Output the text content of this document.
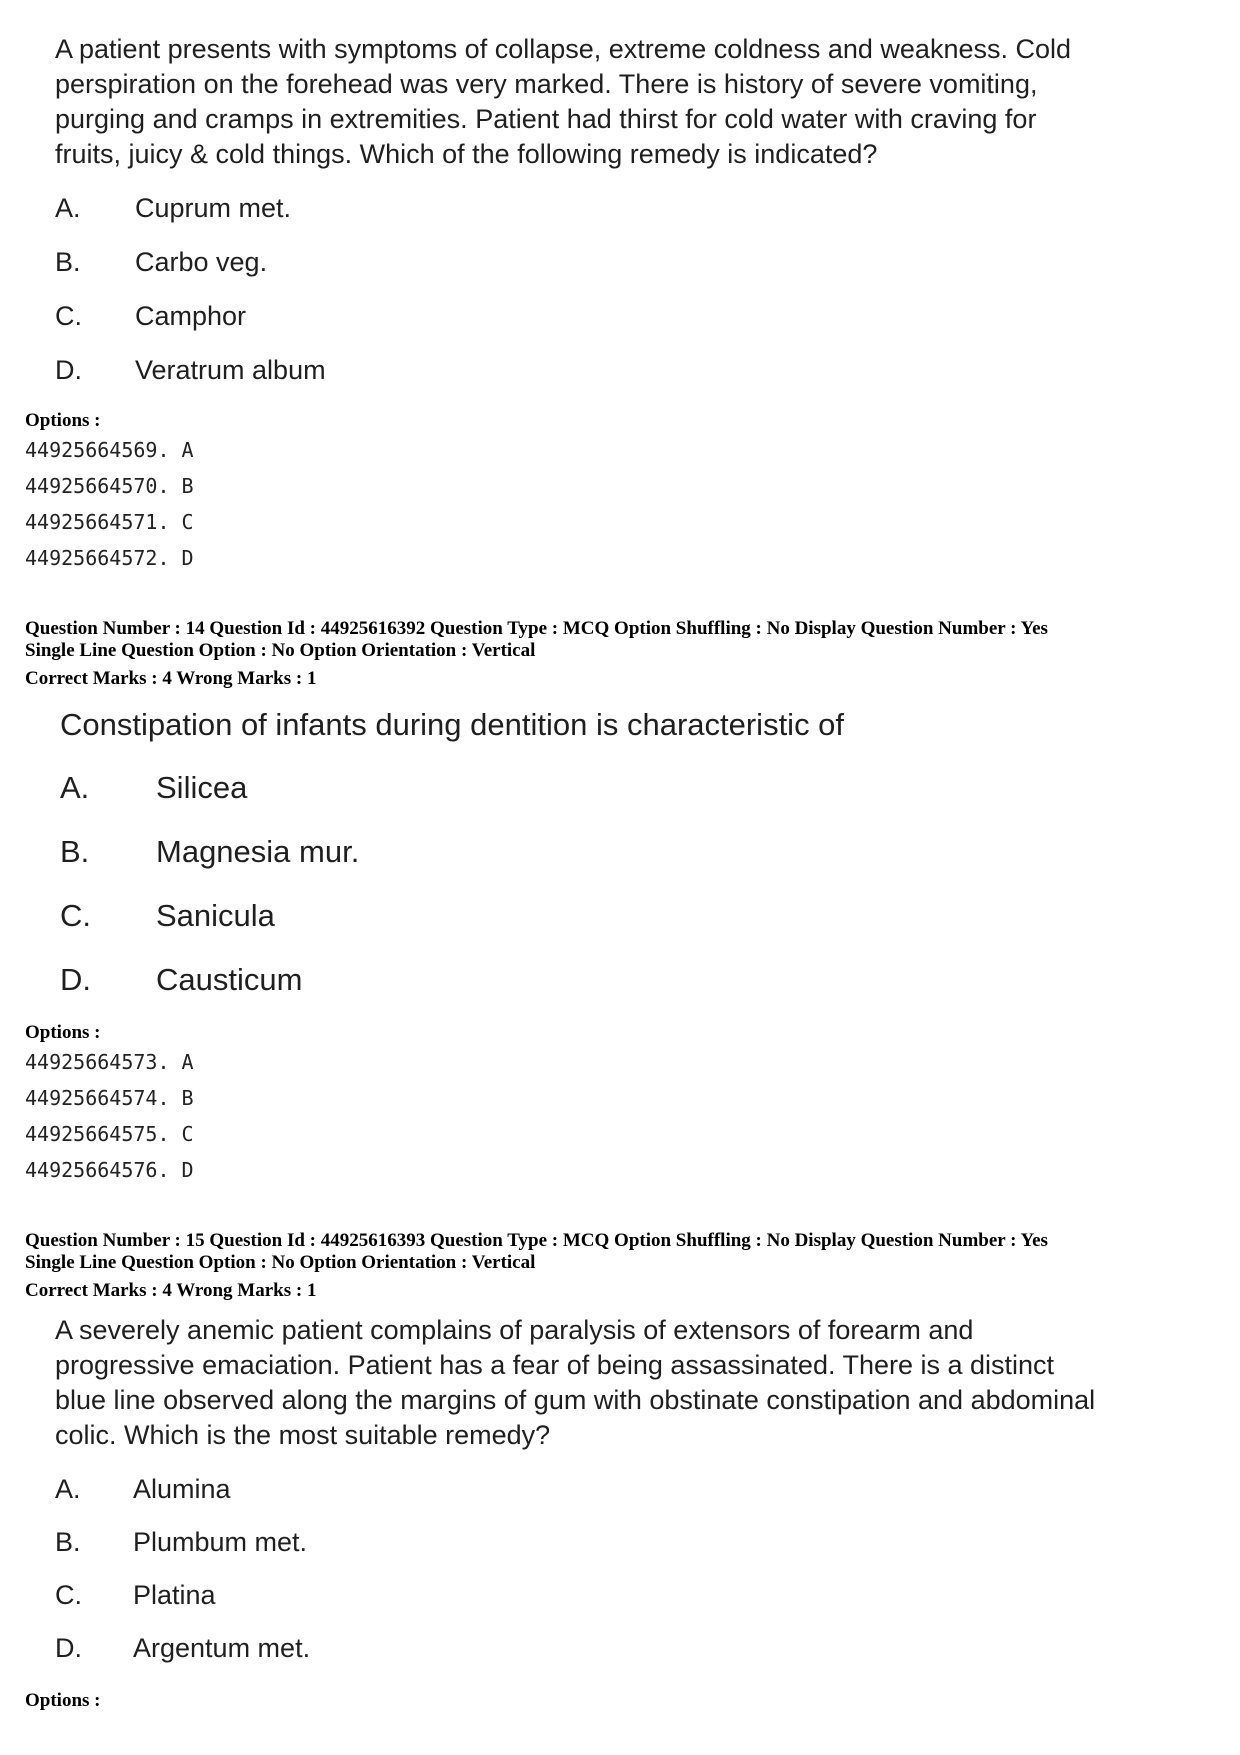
A patient presents with symptoms of collapse, extreme coldness and weakness. Cold
perspiration on the forehead was very marked. There is history of severe vomiting,
purging and cramps in extremities. Patient had thirst for cold water with craving for
fruits, juicy & cold things. Which of the following remedy is indicated?
A. Cuprum met.
B. Carbo veg.
C. Camphor
D. Veratrum album
Options :
44925664569. A
44925664570. B
44925664571. C
44925664572. D
Question Number : 14 Question Id : 44925616392 Question Type : MCQ Option Shuffling : No Display Question Number : Yes
Single Line Question Option : No Option Orientation : Vertical
Correct Marks : 4 Wrong Marks : 1
Constipation of infants during dentition is characteristic of
A. Silicea
B. Magnesia mur.
C. Sanicula
D. Causticum
Options :
44925664573. A
44925664574. B
44925664575. C
44925664576. D
Question Number : 15 Question Id : 44925616393 Question Type : MCQ Option Shuffling : No Display Question Number : Yes
Single Line Question Option : No Option Orientation : Vertical
Correct Marks : 4 Wrong Marks : 1
A severely anemic patient complains of paralysis of extensors of forearm and
progressive emaciation. Patient has a fear of being assassinated. There is a distinct
blue line observed along the margins of gum with obstinate constipation and abdominal
colic. Which is the most suitable remedy?
A. Alumina
B. Plumbum met.
C. Platina
D. Argentum met.
Options :
